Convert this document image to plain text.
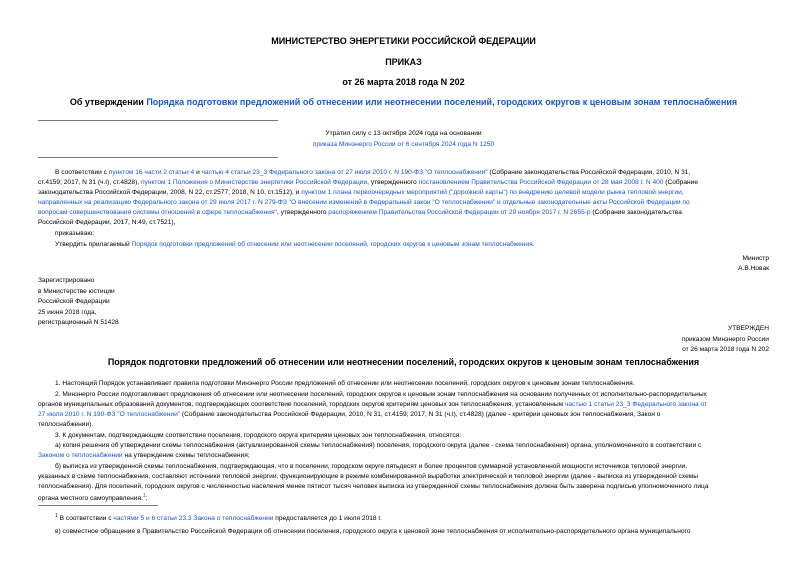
МИНИСТЕРСТВО ЭНЕРГЕТИКИ РОССИЙСКОЙ ФЕДЕРАЦИИ
ПРИКАЗ
от 26 марта 2018 года N 202
Об утверждении Порядка подготовки предложений об отнесении или неотнесении поселений, городских округов к ценовым зонам теплоснабжения
Утратил силу с 13 октября 2024 года на основании
приказа Минэнерго России от 6 сентября 2024 года N 1250
В соответствии с пунктом 16 части 2 статьи 4 и частью 4 статьи 23_3 Федерального закона от 27 июля 2010 г. N 190-ФЗ "О теплоснабжении" (Собрание законодательства Российской Федерации, 2010, N 31,
ст.4159; 2017, N 31 (ч.I), ст.4828), пунктом 1 Положения о Министерстве энергетики Российской Федерации, утвержденного постановлением Правительства Российской Федерации от 28 мая 2008 г. N 400 (Собрание
законодательства Российской Федерации, 2008, N 22, ст.2577; 2018, N 10, ст.1512), и пунктом 1 плана первоочередных мероприятий ("дорожной карты") по внедрению целевой модели рынка тепловой энергии,
направленных на реализацию Федерального закона от 29 июля 2017 г. N 279-ФЗ "О внесении изменений в Федеральный закон "О теплоснабжении" и отдельные законодательные акты Российской Федерации по
вопросам совершенствования системы отношений в сфере теплоснабжения", утвержденного распоряжением Правительства Российской Федерации от 29 ноября 2017 г. N 2655-р (Собрание законодательства
Российской Федерации, 2017, N.49, ст.7521),
приказываю:
Утвердить прилагаемый Порядок подготовки предложений об отнесении или неотнесении поселений, городских округов к ценовым зонам теплоснабжения.
Министр
А.В.Новак
Зарегистрировано
в Министерстве юстиции
Российской Федерации
25 июня 2018 года,
регистрационный N 51428
УТВЕРЖДЕН
приказом Минэнерго России
от 26 марта 2018 года N 202
Порядок подготовки предложений об отнесении или неотнесении поселений, городских округов к ценовым зонам теплоснабжения
1. Настоящий Порядок устанавливает правила подготовки Минэнерго России предложений об отнесении или неотнесении поселений, городских округов к ценовым зонам теплоснабжения.
2. Минэнерго России подготавливает предложения об отнесении или неотнесении поселений, городских округов к ценовым зонам теплоснабжения на основании полученных от исполнительно-распорядительных
органов муниципальных образований документов, подтверждающих соответствие поселений, городских округов критериям ценовых зон теплоснабжения, установленным частью 1 статьи 23_3 Федерального закона от
27 июля 2010 г. N 190-ФЗ "О теплоснабжении" (Собрание законодательства Российской Федерации, 2010, N 31, ст.4159; 2017, N 31 (ч.I), ст.4828) (далее - критерии ценовых зон теплоснабжения, Закон о
теплоснабжении).
3. К документам, подтверждающим соответствие поселения, городского округа критериям ценовых зон теплоснабжения, относятся:
а) копия решения об утверждении схемы теплоснабжения (актуализированной схемы теплоснабжения) поселения, городского округа (далее - схема теплоснабжения) органа, уполномоченного в соответствии с
Законом о теплоснабжении на утверждение схемы теплоснабжения;
б) выписка из утвержденной схемы теплоснабжения, подтверждающая, что в поселении, городском округе пятьдесят и более процентов суммарной установленной мощности источников тепловой энергии,
указанных в схеме теплоснабжения, составляют источники тепловой энергии, функционирующие в режиме комбинированной выработки электрической и тепловой энергии (далее - выписка из утвержденной схемы
теплоснабжения). Для поселений, городских округов с численностью населения менее пятисот тысяч человек выписка из утвержденной схемы теплоснабжения должна быть заверена подписью уполномоченного лица
органа местного самоуправления.$^1$;
$^1$ В соответствии с частями 5 и 6 статьи 23.3 Закона о теплоснабжении предоставляется до 1 июля 2018 г.
в) совместное обращение в Правительство Российской Федерации об отнесении поселения, городского округа к ценовой зоне теплоснабжения от исполнительно-распорядительного органа муниципального
